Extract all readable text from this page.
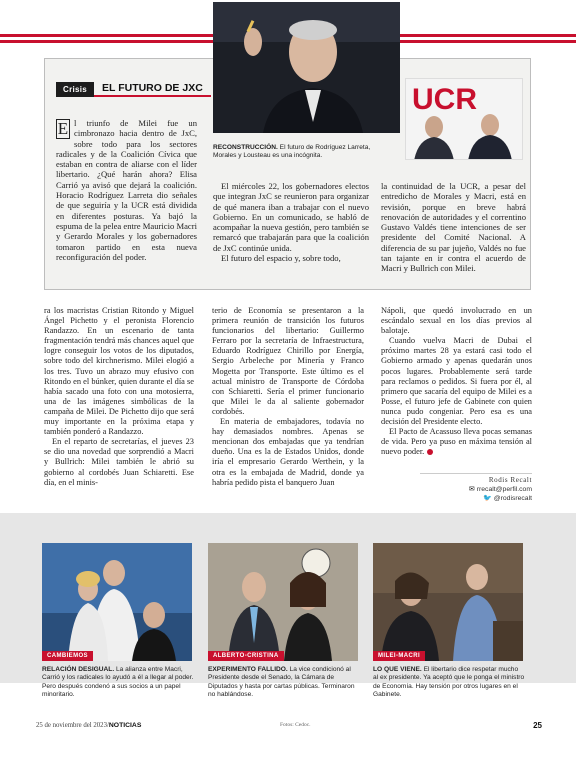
UCR
Crisis	EL FUTURO DE JXC

E l triunfo de Milei fue un cimbronazo hacia dentro de JxC, sobre todo para los sectores radicales y de la Coalición Cívica que estaban en contra de aliarse con el líder libertario. ¿Qué harán ahora? Elisa Carrió ya avisó que dejará la coalición. Horacio Rodríguez Larreta dio señales de que seguiría y la UCR está dividida en diferentes posturas. Ya bajó la espuma de la pelea entre Mauricio Macri y Gerardo Morales y los gobernadores tomaron partido en esta nueva reconfiguración del poder.

RECONSTRUCCIÓN. El futuro de Rodríguez Larreta, Morales y Lousteau es una incógnita.

El miércoles 22, los gobernadores electos que integran JxC se reunieron para organizar de qué manera iban a trabajar con el nuevo Gobierno. En un comunicado, se habló de acompañar la nueva gestión, pero también se remarcó que trabajarán para que la coalición de JxC continúe unida.

El futuro del espacio y, sobre todo,

la continuidad de la UCR, a pesar del entredicho de Morales y Macri, está en revisión, porque en breve habrá renovación de autoridades y el correntino Gustavo Valdés tiene intenciones de ser presidente del Comité Nacional. A diferencia de su par jujeño, Valdés no fue tan tajante en ir contra el acuerdo de Macri y Bullrich con Milei.

ra los macristas Cristian Ritondo y Miguel Ángel Pichetto y el peronista Florencio Randazzo. En un escenario de tanta fragmentación tendrá más chances aquel que logre conseguir los votos de los diputados, sobre todo del kirchnerismo. Milei elogió a los tres. Tuvo un abrazo muy efusivo con Ritondo en el búnker, quien durante el día se había sacado una foto con una motosierra, una de las imágenes simbólicas de la campaña de Milei. De Pichetto dijo que será muy importante en la próxima etapa y también ponderó a Randazzo.

En el reparto de secretarías, el jueves 23 se dio una novedad que sorprendió a Macri y Bullrich: Milei también le abrió su gobierno al cordobés Juan Schiaretti. Ese día, en el minis-

terio de Economía se presentaron a la primera reunión de transición los futuros funcionarios del libertario: Guillermo Ferraro por la secretaría de Infraestructura, Eduardo Rodríguez Chirillo por Energía, Sergio Arbeleche por Minería y Franco Mogetta por Transporte. Este último es el actual ministro de Transporte de Córdoba con Schiaretti. Sería el primer funcionario que Milei le da al saliente gobernador cordobés.

En materia de embajadores, todavía no hay demasiados nombres. Apenas se mencionan dos embajadas que ya tendrían dueño. Una es la de Estados Unidos, donde iría el empresario Gerardo Werthein, y la otra es la embajada de Madrid, donde ya habría pedido pista el banquero Juan

Nápoli, que quedó involucrado en un escándalo sexual en los días previos al balotaje.

Cuando vuelva Macri de Dubai el próximo martes 28 ya estará casi todo el Gobierno armado y apenas quedarán unos pocos lugares. Probablemente será tarde para reclamos o pedidos. Si fuera por él, al primero que sacaría del equipo de Milei es a Posse, el futuro jefe de Gabinete con quien nunca pudo congeniar. Pero esa es una decisión del Presidente electo.

El Pacto de Acassuso lleva pocas semanas de vida. Pero ya puso en máxima tensión al nuevo poder.

Rodis Recalt
✉ rrecalt@perfil.com
🐦 @rodisrecalt
CAMBIEMOS	ALBERTO-CRISTINA	MILEI-MACRI
RELACIÓN DESIGUAL. La alianza entre Macri, Carrió y los radicales lo ayudó a él a llegar al poder. Pero después condenó a sus socios a un papel minoritario.
EXPERIMENTO FALLIDO. La vice condicionó al Presidente desde el Senado, la Cámara de Diputados y hasta por cartas públicas. Terminaron no hablándose.
LO QUE VIENE. El libertario dice respetar mucho al ex presidente. Ya aceptó que le ponga el ministro de Economía. Hay tensión por otros lugares en el Gabinete.
25 de noviembre del 2023/NOTICIAS	Fotos: Cedoc.	25
